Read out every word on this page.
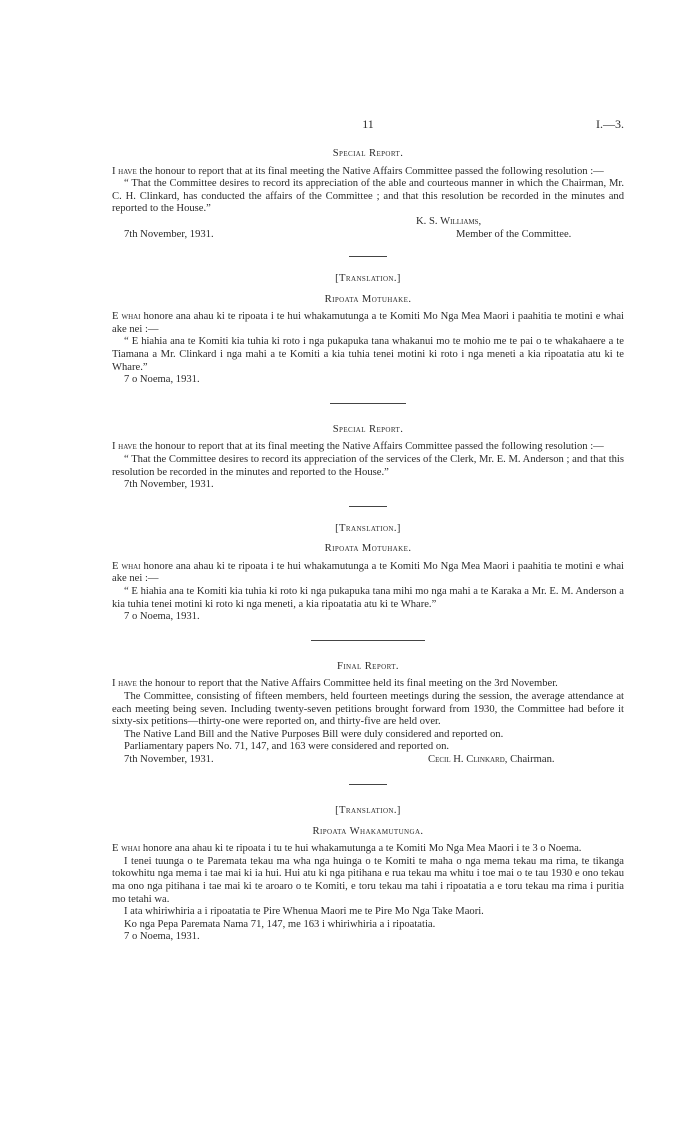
11	I.—3.
Special Report.

I have the honour to report that at its final meeting the Native Affairs Committee passed the following resolution :—

“ That the Committee desires to record its appreciation of the able and courteous manner in which the Chairman, Mr. C. H. Clinkard, has conducted the affairs of the Committee ; and that this resolution be recorded in the minutes and reported to the House.”

K. S. Williams,
7th November, 1931.	Member of the Committee.
[Translation.]
Ripoata Motuhake.

E whai honore ana ahau ki te ripoata i te hui whakamutunga a te Komiti Mo Nga Mea Maori i paahitia te motini e whai ake nei :—

“ E hiahia ana te Komiti kia tuhia ki roto i nga pukapuka tana whakanui mo te mohio me te pai o te whakahaere a te Tiamana a Mr. Clinkard i nga mahi a te Komiti a kia tuhia tenei motini ki roto i nga meneti a kia ripoatatia atu ki te Whare.”

7 o Noema, 1931.

Special Report.

I have the honour to report that at its final meeting the Native Affairs Committee passed the following resolution :—

“ That the Committee desires to record its appreciation of the services of the Clerk, Mr. E. M. Anderson ; and that this resolution be recorded in the minutes and reported to the House.”

7th November, 1931.

[Translation.]
Ripoata Motuhake.

E whai honore ana ahau ki te ripoata i te hui whakamutunga a te Komiti Mo Nga Mea Maori i paahitia te motini e whai ake nei :—

“ E hiahia ana te Komiti kia tuhia ki roto ki nga pukapuka tana mihi mo nga mahi a te Karaka a Mr. E. M. Anderson a kia tuhia tenei motini ki roto ki nga meneti, a kia ripoatatia atu ki te Whare.”

7 o Noema, 1931.

Final Report.

I have the honour to report that the Native Affairs Committee held its final meeting on the 3rd November.

The Committee, consisting of fifteen members, held fourteen meetings during the session, the average attendance at each meeting being seven. Including twenty-seven petitions brought forward from 1930, the Committee had before it sixty-six petitions—thirty-one were reported on, and thirty-five are held over.

The Native Land Bill and the Native Purposes Bill were duly considered and reported on.

Parliamentary papers No. 71, 147, and 163 were considered and reported on.

7th November, 1931.	Cecil H. Clinkard, Chairman.
[Translation.]
Ripoata Whakamutunga.

E whai honore ana ahau ki te ripoata i tu te hui whakamutunga a te Komiti Mo Nga Mea Maori i te 3 o Noema.

I tenei tuunga o te Paremata tekau ma wha nga huinga o te Komiti te maha o nga mema tekau ma rima, te tikanga tokowhitu nga mema i tae mai ki ia hui. Hui atu ki nga pitihana e rua tekau ma whitu i toe mai o te tau 1930 e ono tekau ma ono nga pitihana i tae mai ki te aroaro o te Komiti, e toru tekau ma tahi i ripoatatia a e toru tekau ma rima i puritia mo tetahi wa.

I ata whiriwhiria a i ripoatatia te Pire Whenua Maori me te Pire Mo Nga Take Maori.

Ko nga Pepa Paremata Nama 71, 147, me 163 i whiriwhiria a i ripoatatia.

7 o Noema, 1931.
